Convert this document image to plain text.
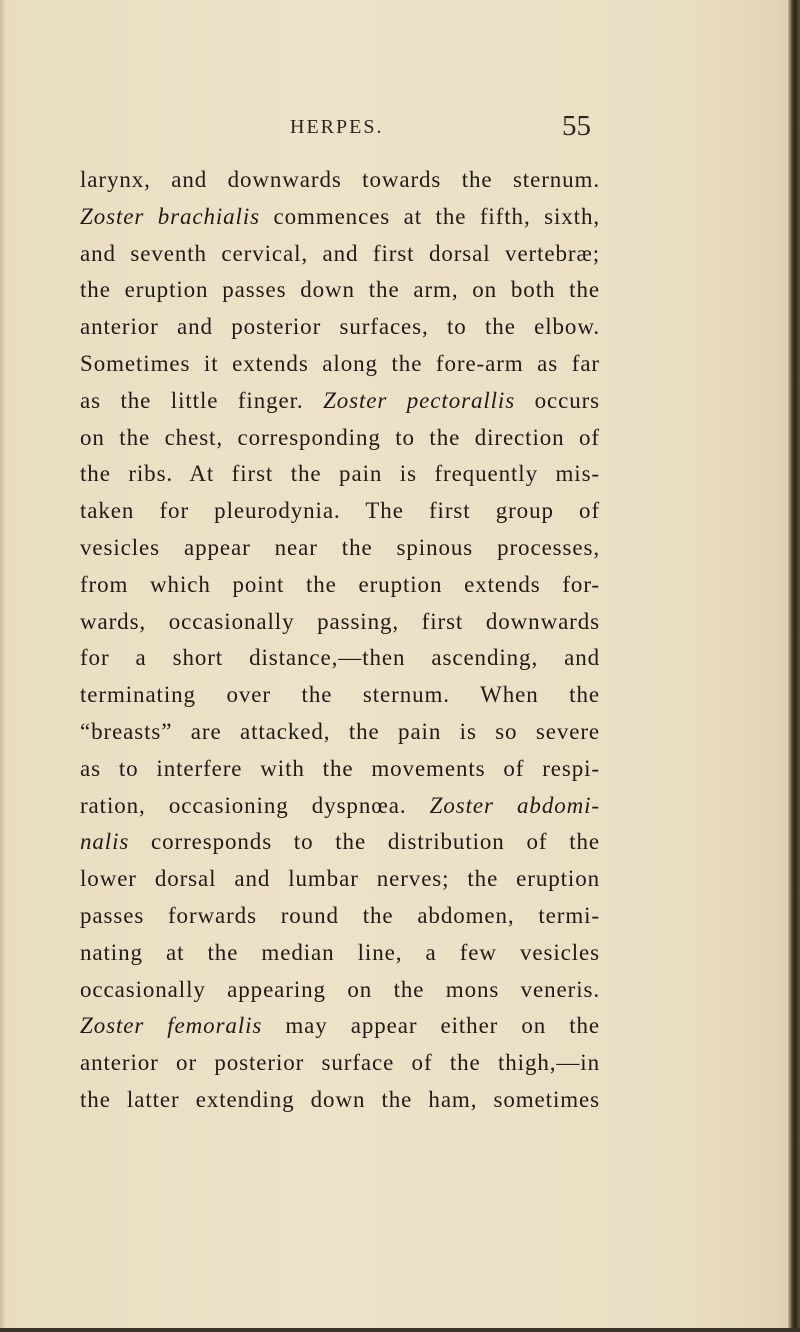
HERPES.	55
larynx, and downwards towards the sternum.
Zoster brachialis commences at the fifth, sixth,
and seventh cervical, and first dorsal vertebræ;
the eruption passes down the arm, on both the
anterior and posterior surfaces, to the elbow.
Sometimes it extends along the fore-arm as far
as the little finger. Zoster pectorallis occurs
on the chest, corresponding to the direction of
the ribs. At first the pain is frequently mis-
taken for pleurodynia. The first group of
vesicles appear near the spinous processes,
from which point the eruption extends for-
wards, occasionally passing, first downwards
for a short distance,—then ascending, and
terminating over the sternum. When the
“breasts” are attacked, the pain is so severe
as to interfere with the movements of respi-
ration, occasioning dyspnœa. Zoster abdomi-
nalis corresponds to the distribution of the
lower dorsal and lumbar nerves; the eruption
passes forwards round the abdomen, termi-
nating at the median line, a few vesicles
occasionally appearing on the mons veneris.
Zoster femoralis may appear either on the
anterior or posterior surface of the thigh,—in
the latter extending down the ham, sometimes
